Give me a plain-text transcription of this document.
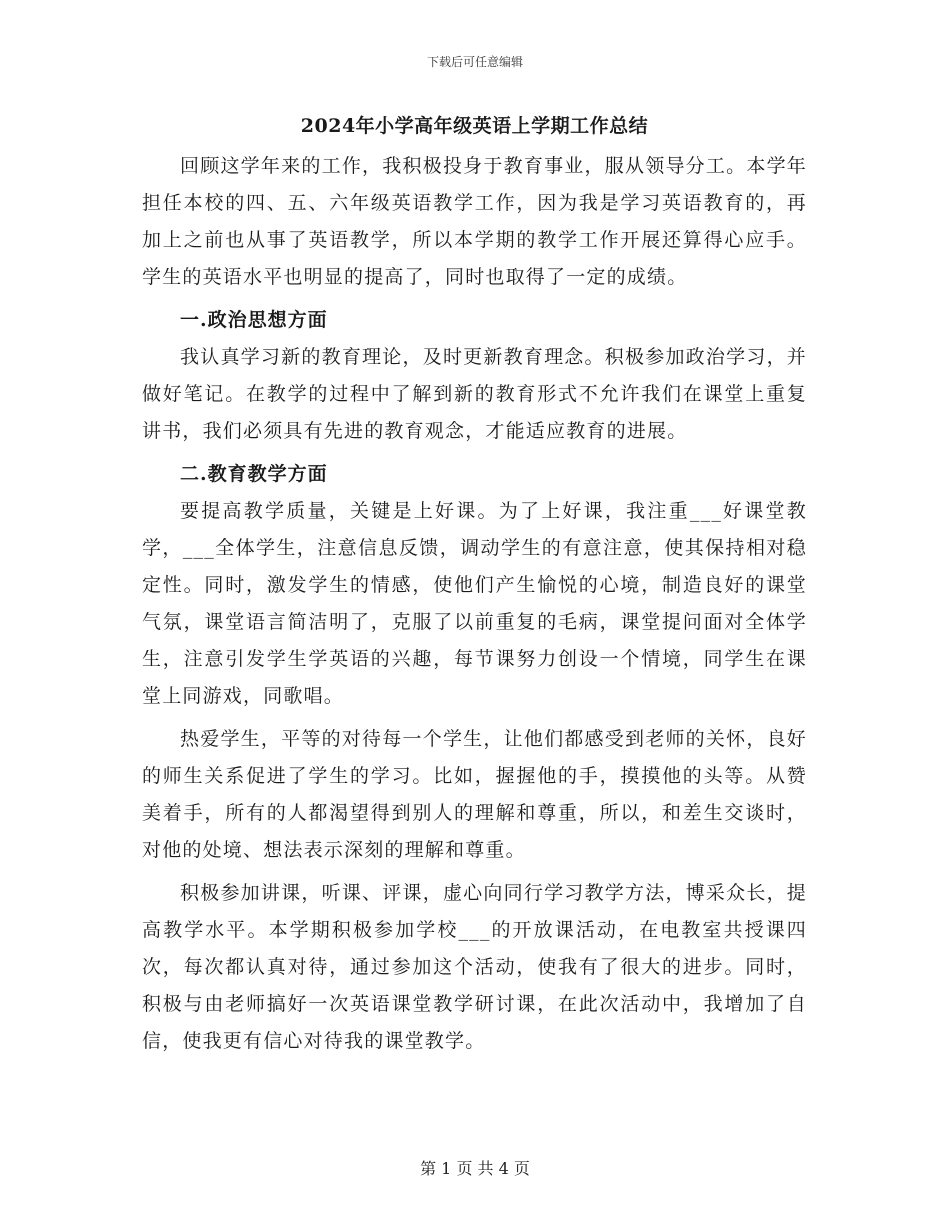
下载后可任意编辑
2024年小学高年级英语上学期工作总结

回顾这学年来的工作，我积极投身于教育事业，服从领导分工。本学年担任本校的四、五、六年级英语教学工作，因为我是学习英语教育的，再加上之前也从事了英语教学，所以本学期的教学工作开展还算得心应手。学生的英语水平也明显的提高了，同时也取得了一定的成绩。

一.政治思想方面

我认真学习新的教育理论，及时更新教育理念。积极参加政治学习，并做好笔记。在教学的过程中了解到新的教育形式不允许我们在课堂上重复讲书，我们必须具有先进的教育观念，才能适应教育的进展。

二.教育教学方面

要提高教学质量，关键是上好课。为了上好课，我注重___好课堂教学，___全体学生，注意信息反馈，调动学生的有意注意，使其保持相对稳定性。同时，激发学生的情感，使他们产生愉悦的心境，制造良好的课堂气氛，课堂语言简洁明了，克服了以前重复的毛病，课堂提问面对全体学生，注意引发学生学英语的兴趣，每节课努力创设一个情境，同学生在课堂上同游戏，同歌唱。

热爱学生，平等的对待每一个学生，让他们都感受到老师的关怀，良好的师生关系促进了学生的学习。比如，握握他的手，摸摸他的头等。从赞美着手，所有的人都渴望得到别人的理解和尊重，所以，和差生交谈时，对他的处境、想法表示深刻的理解和尊重。

积极参加讲课，听课、评课，虚心向同行学习教学方法，博采众长，提高教学水平。本学期积极参加学校___的开放课活动，在电教室共授课四次，每次都认真对待，通过参加这个活动，使我有了很大的进步。同时，积极与由老师搞好一次英语课堂教学研讨课，在此次活动中，我增加了自信，使我更有信心对待我的课堂教学。

第 1 页 共 4 页
